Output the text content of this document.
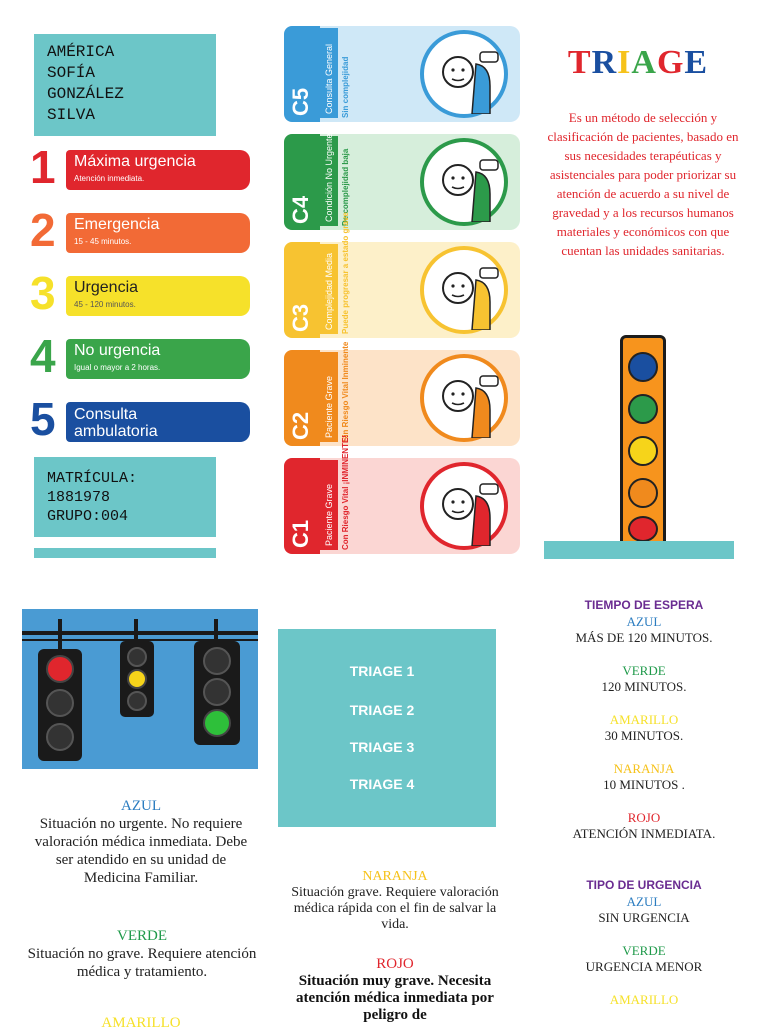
AMÉRICA
SOFÍA
GONZÁLEZ
SILVA
1 Máxima urgencia
Atención inmediata.
2 Emergencia
15 - 45 minutos.
3 Urgencia
45 - 120 minutos.
4 No urgencia
Igual o mayor a 2 horas.
5 Consulta
ambulatoria
MATRÍCULA:
1881978
GRUPO:004
C5 Consulta General Sin complejidad
C4 Condición No Urgente De complejidad baja
C3 Complejidad Media Puede progresar a estado grave
C2 Paciente Grave Sin Riesgo Vital Inminente
C1 Paciente Grave Con Riesgo Vital ¡INMINENTE!
TRIAGE
Es un método de selección y clasificación de pacientes, basado en sus necesidades terapéuticas y asistenciales para poder priorizar su atención de acuerdo a su nivel de gravedad y a los recursos humanos materiales y económicos con que cuentan las unidades sanitarias.
TRIAGE 1
TRIAGE 2
TRIAGE 3
TRIAGE 4
AZUL
Situación no urgente. No requiere valoración médica inmediata. Debe ser atendido en su unidad de Medicina Familiar.
VERDE
Situación no grave. Requiere atención médica y tratamiento.
AMARILLO
NARANJA
Situación grave. Requiere valoración médica rápida con el fin de salvar la vida.
ROJO
Situación muy grave. Necesita atención médica inmediata por peligro de
TIEMPO DE ESPERA
AZUL
MÁS DE 120 MINUTOS.
VERDE
120 MINUTOS.
AMARILLO
30 MINUTOS.
NARANJA
10 MINUTOS .
ROJO
ATENCIÓN INMEDIATA.
TIPO DE URGENCIA
AZUL
SIN URGENCIA
VERDE
URGENCIA MENOR
AMARILLO
